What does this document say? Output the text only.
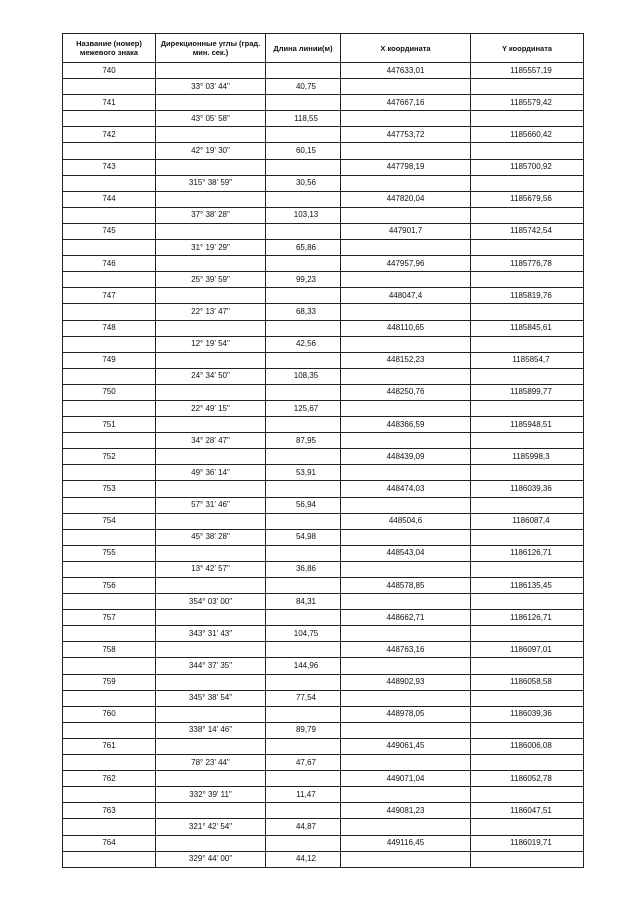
Название (номер) межевого знака	Дирекционные углы (град. мин. сек.)	Длина линии(м)	X координата	Y координата
740			447633,01	1185557,19
	33° 03' 44"	40,75		
741			447667,16	1185579,42
	43° 05' 58"	118,55		
742			447753,72	1185660,42
	42° 19' 30"	60,15		
743			447798,19	1185700,92
	315° 38' 59"	30,56		
744			447820,04	1185679,56
	37° 38' 28"	103,13		
745			447901,7	1185742,54
	31° 19' 29"	65,86		
746			447957,96	1185776,78
	25° 39' 59"	99,23		
747			448047,4	1185819,76
	22° 13' 47"	68,33		
748			448110,65	1185845,61
	12° 19' 54"	42,56		
749			448152,23	1185854,7
	24° 34' 50"	108,35		
750			448250,76	1185899,77
	22° 49' 15"	125,67		
751			448366,59	1185948,51
	34° 28' 47"	87,95		
752			448439,09	1185998,3
	49° 36' 14"	53,91		
753			448474,03	1186039,36
	57° 31' 46"	56,94		
754			448504,6	1186087,4
	45° 38' 28"	54,98		
755			448543,04	1186126,71
	13° 42' 57"	36,86		
756			448578,85	1186135,45
	354° 03' 00"	84,31		
757			448662,71	1186126,71
	343° 31' 43"	104,75		
758			448763,16	1186097,01
	344° 37' 35"	144,96		
759			448902,93	1186058,58
	345° 38' 54"	77,54		
760			448978,05	1186039,36
	338° 14' 46"	89,79		
761			449061,45	1186006,08
	78° 23' 44"	47,67		
762			449071,04	1186052,78
	332° 39' 11"	11,47		
763			449081,23	1186047,51
	321° 42' 54"	44,87		
764			449116,45	1186019,71
	329° 44' 00"	44,12		
